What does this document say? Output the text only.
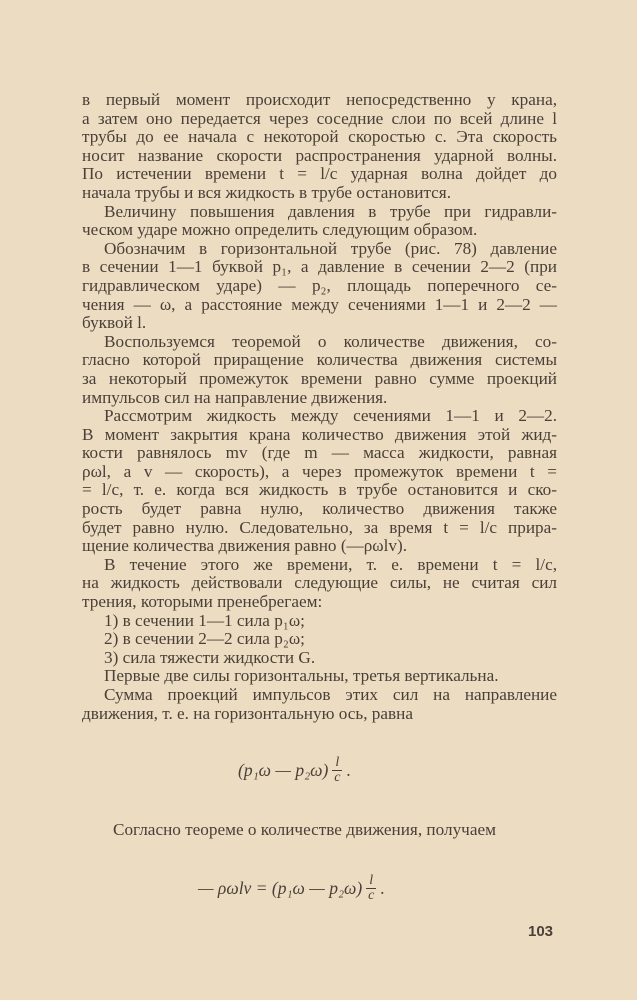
в первый момент происходит непосредственно у крана,
а затем оно передается через соседние слои по всей длине l
трубы до ее начала с некоторой скоростью c. Эта скорость
носит название скорости распространения ударной волны.
По истечении времени t = l/c ударная волна дойдет до
начала трубы и вся жидкость в трубе остановится.
Величину повышения давления в трубе при гидравли-
ческом ударе можно определить следующим образом.
Обозначим в горизонтальной трубе (рис. 78) давление
в сечении 1—1 буквой p₁, а давление в сечении 2—2 (при
гидравлическом ударе) — p₂, площадь поперечного се-
чения — ω, а расстояние между сечениями 1—1 и 2—2 —
буквой l.
Воспользуемся теоремой о количестве движения, со-
гласно которой приращение количества движения системы
за некоторый промежуток времени равно сумме проекций
импульсов сил на направление движения.
Рассмотрим жидкость между сечениями 1—1 и 2—2.
В момент закрытия крана количество движения этой жид-
кости равнялось mv (где m — масса жидкости, равная
ρωl, а v — скорость), а через промежуток времени t =
= l/c, т. е. когда вся жидкость в трубе остановится и ско-
рость будет равна нулю, количество движения также
будет равно нулю. Следовательно, за время t = l/c прира-
щение количества движения равно (—ρωlv).
В течение этого же времени, т. е. времени t = l/c,
на жидкость действовали следующие силы, не считая сил
трения, которыми пренебрегаем:
1) в сечении 1—1 сила p₁ω;
2) в сечении 2—2 сила p₂ω;
3) сила тяжести жидкости G.
Первые две силы горизонтальны, третья вертикальна.
Сумма проекций импульсов этих сил на направление
движения, т. е. на горизонтальную ось, равна
(p₁ω — $p_2\omega) \frac{l}{c}$ .
Согласно теореме о количестве движения, получаем
— ρωlv = (p₁ω — $p_2\omega) \frac{l}{c}$ .
103
